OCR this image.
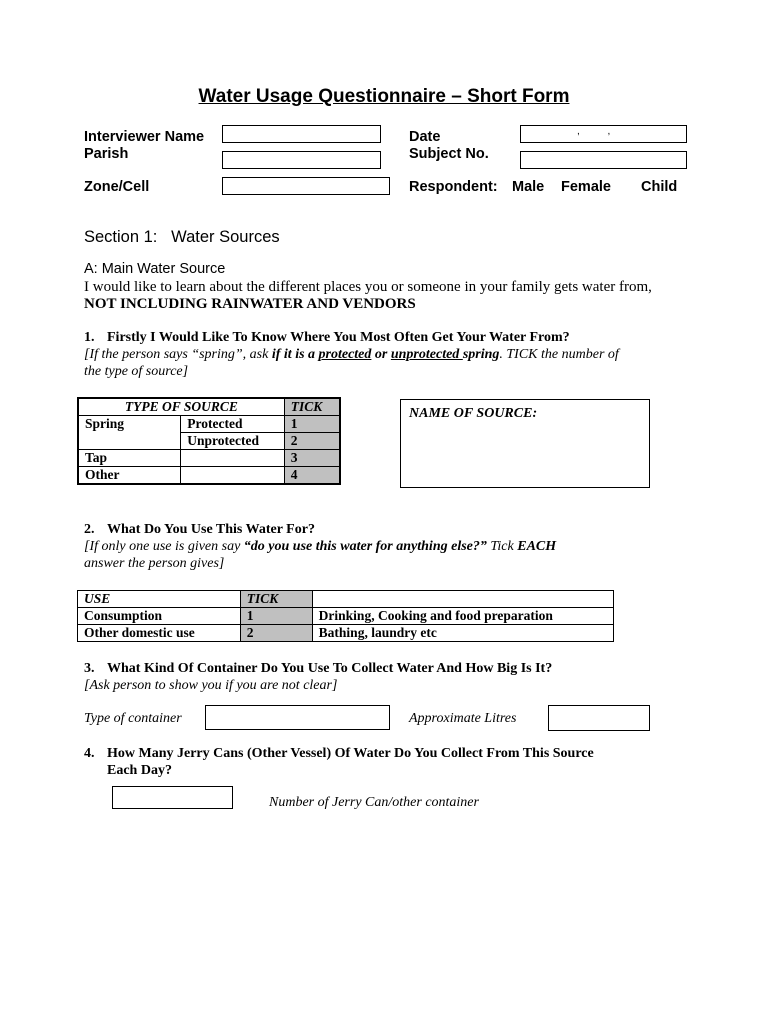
Water Usage Questionnaire – Short Form
Interviewer Name
Parish
Zone/Cell
Date	,          ,
Subject No.
Respondent: Male Female Child
Section 1:   Water Sources
A: Main Water Source
I would like to learn about the different places you or someone in your family gets water from,
NOT INCLUDING RAINWATER AND VENDORS
1. Firstly I Would Like To Know Where You Most Often Get Your Water From?
[If the person says “spring”, ask if it is a protected or unprotected spring. TICK the number of
the type of source]
TYPE OF SOURCE		TICK
Spring	Protected	1
	Unprotected	2
Tap		3
Other		4
NAME OF SOURCE:
2. What Do You Use This Water For?
[If only one use is given say “do you use this water for anything else?” Tick EACH
answer the person gives]
USE	TICK	
Consumption	1	Drinking, Cooking and food preparation
Other domestic use	2	Bathing, laundry etc
3. What Kind Of Container Do You Use To Collect Water And How Big Is It?
[Ask person to show you if you are not clear]
Type of container	Approximate Litres
4. How Many Jerry Cans (Other Vessel) Of Water Do You Collect From This Source
Each Day?
Number of Jerry Can/other container
